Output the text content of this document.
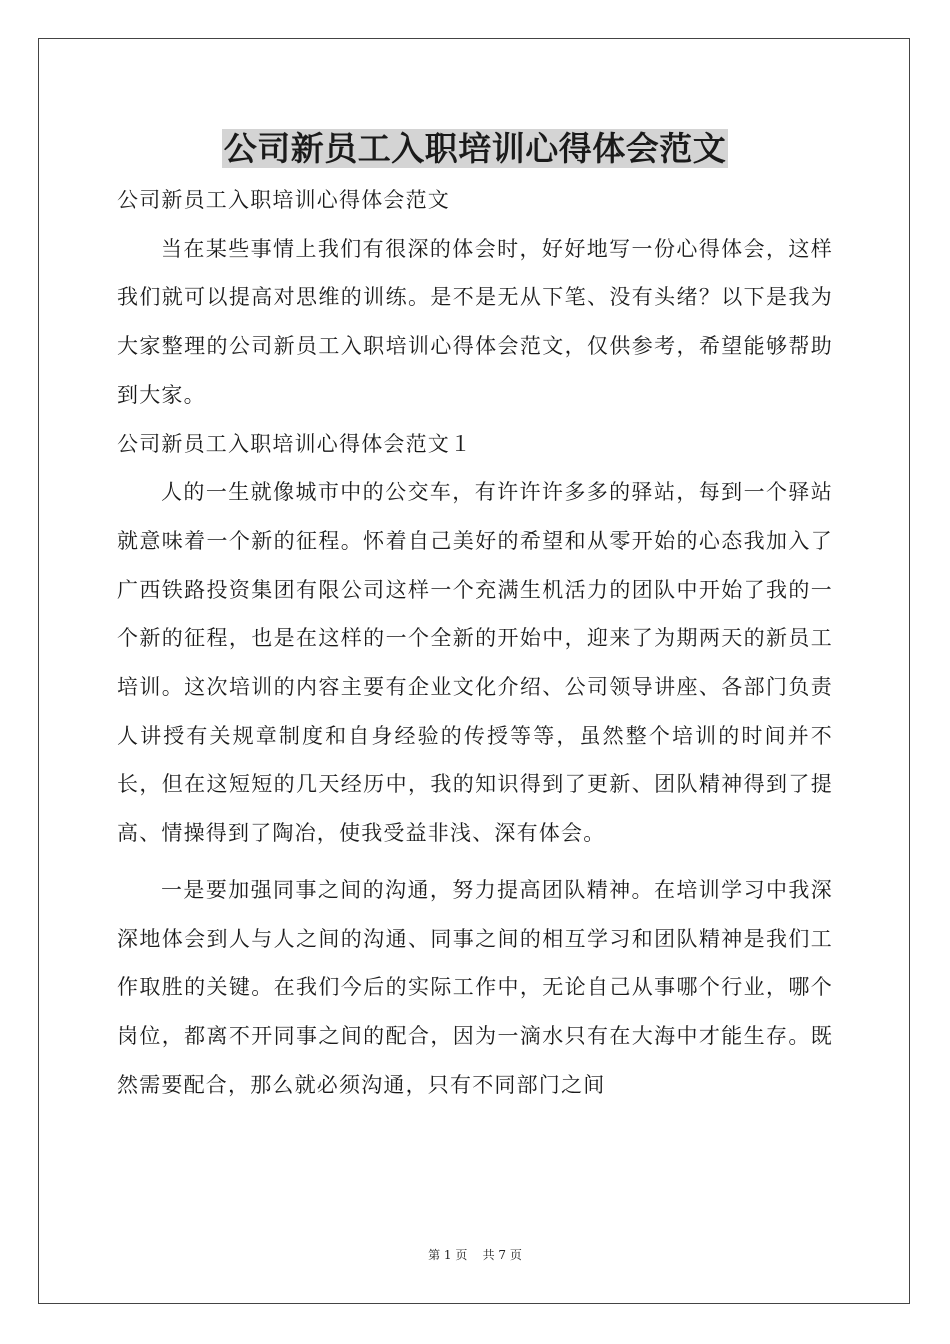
公司新员工入职培训心得体会范文

公司新员工入职培训心得体会范文

当在某些事情上我们有很深的体会时，好好地写一份心得体会，这样我们就可以提高对思维的训练。是不是无从下笔、没有头绪？以下是我为大家整理的公司新员工入职培训心得体会范文，仅供参考，希望能够帮助到大家。

公司新员工入职培训心得体会范文１

人的一生就像城市中的公交车，有许许许多多的驿站，每到一个驿站就意味着一个新的征程。怀着自己美好的希望和从零开始的心态我加入了广西铁路投资集团有限公司这样一个充满生机活力的团队中开始了我的一个新的征程，也是在这样的一个全新的开始中，迎来了为期两天的新员工培训。这次培训的内容主要有企业文化介绍、公司领导讲座、各部门负责人讲授有关规章制度和自身经验的传授等等，虽然整个培训的时间并不长，但在这短短的几天经历中，我的知识得到了更新、团队精神得到了提高、情操得到了陶冶，使我受益非浅、深有体会。

一是要加强同事之间的沟通，努力提高团队精神。在培训学习中我深深地体会到人与人之间的沟通、同事之间的相互学习和团队精神是我们工作取胜的关键。在我们今后的实际工作中，无论自己从事哪个行业，哪个岗位，都离不开同事之间的配合，因为一滴水只有在大海中才能生存。既然需要配合，那么就必须沟通，只有不同部门之间

第 1 页    共 7 页
